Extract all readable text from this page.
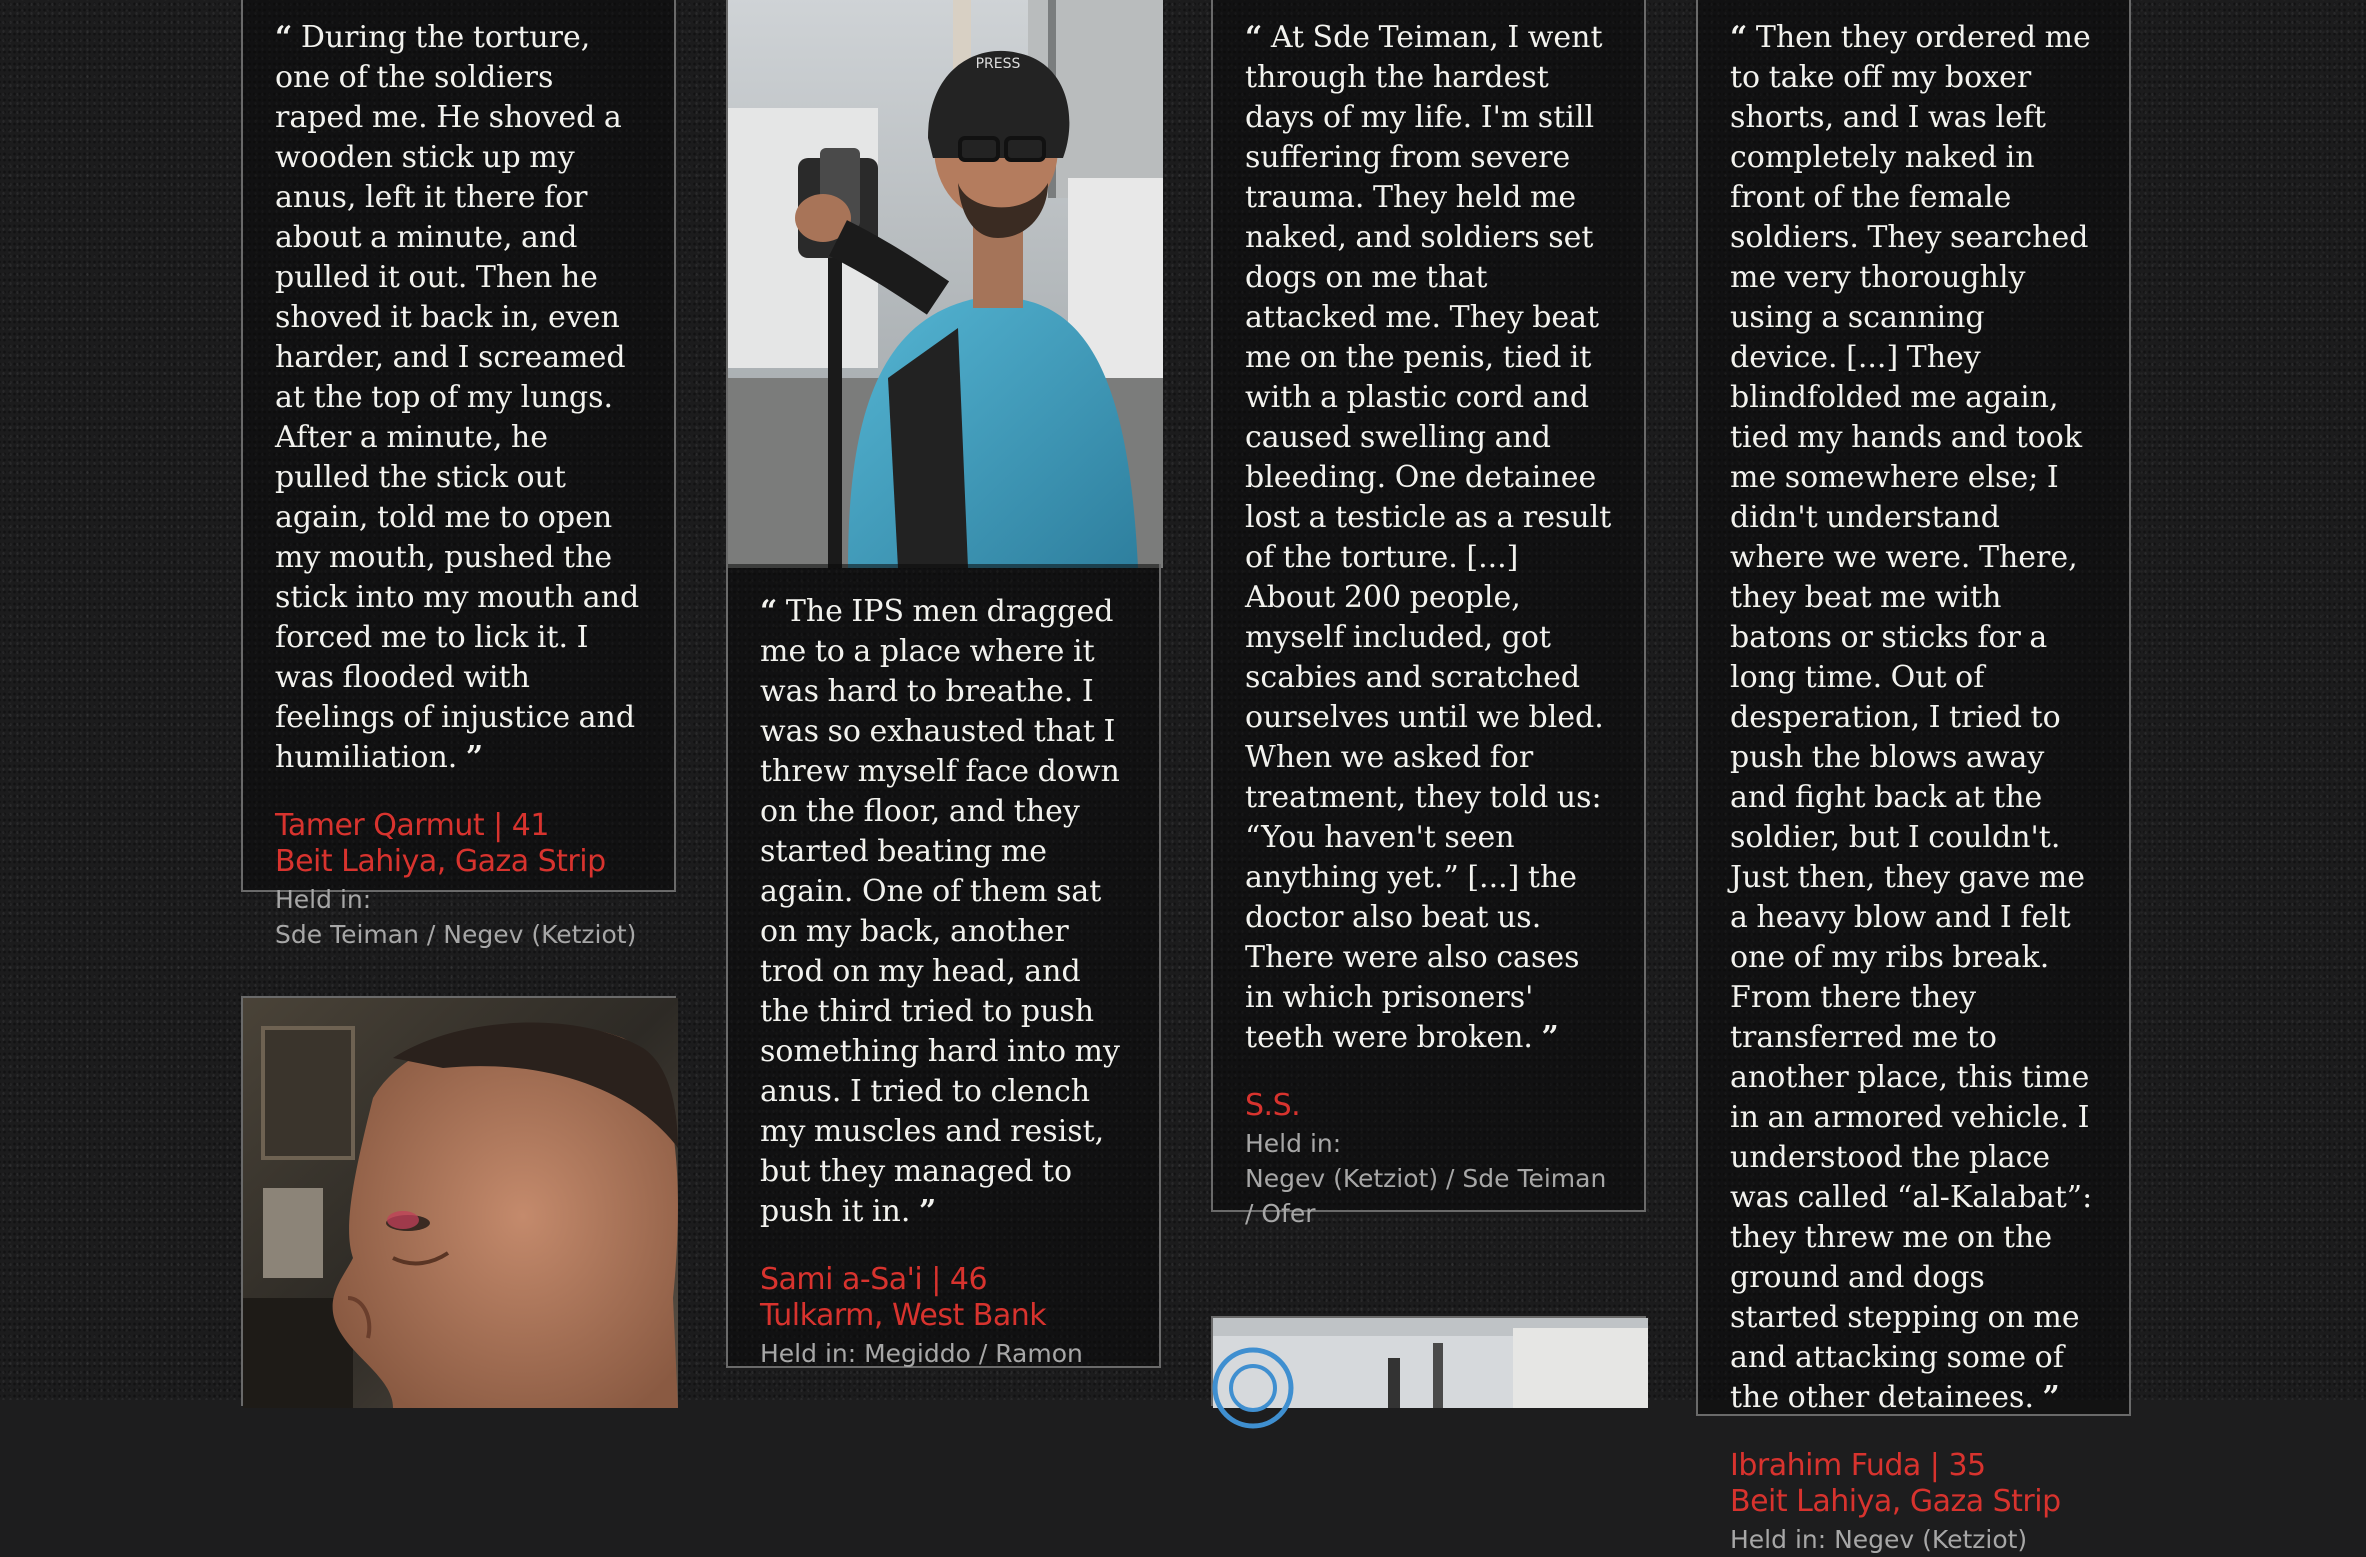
“ During the torture, one of the soldiers raped me. He shoved a wooden stick up my anus, left it there for about a minute, and pulled it out. Then he shoved it back in, even harder, and I screamed at the top of my lungs. After a minute, he pulled the stick out again, told me to open my mouth, pushed the stick into my mouth and forced me to lick it. I was flooded with feelings of injustice and humiliation. ”

Tamer Qarmut | 41

Beit Lahiya, Gaza Strip

Held in:

Sde Teiman / Negev (Ketziot)

PRESS

“ The IPS men dragged me to a place where it was hard to breathe. I was so exhausted that I threw myself face down on the floor, and they started beating me again. One of them sat on my back, another trod on my head, and the third tried to push something hard into my anus. I tried to clench my muscles and resist, but they managed to push it in. ”

Sami a-Sa'i | 46

Tulkarm, West Bank

Held in: Megiddo / Ramon

“ At Sde Teiman, I went through the hardest days of my life. I'm still suffering from severe trauma. They held me naked, and soldiers set dogs on me that attacked me. They beat me on the penis, tied it with a plastic cord and caused swelling and bleeding. One detainee lost a testicle as a result of the torture. [...] About 200 people, myself included, got scabies and scratched ourselves until we bled. When we asked for treatment, they told us: “You haven't seen anything yet.” [...] the doctor also beat us. There were also cases in which prisoners' teeth were broken. ”

S.S.

Held in:

Negev (Ketziot) / Sde Teiman / Ofer

“ Then they ordered me to take off my boxer shorts, and I was left completely naked in front of the female soldiers. They searched me very thoroughly using a scanning device. [...] They blindfolded me again, tied my hands and took me somewhere else; I didn't understand where we were. There, they beat me with batons or sticks for a long time. Out of desperation, I tried to push the blows away and fight back at the soldier, but I couldn't. Just then, they gave me a heavy blow and I felt one of my ribs break. From there they transferred me to another place, this time in an armored vehicle. I understood the place was called “al-Kalabat”: they threw me on the ground and dogs started stepping on me and attacking some of the other detainees. ”

Ibrahim Fuda | 35

Beit Lahiya, Gaza Strip

Held in: Negev (Ketziot)
